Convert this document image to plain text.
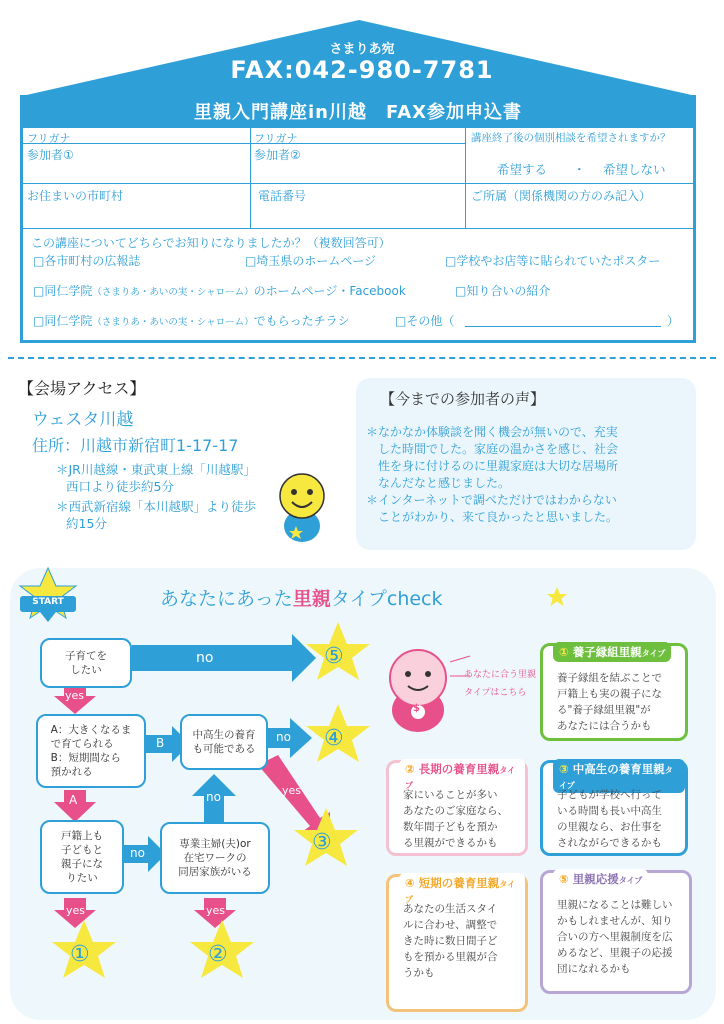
さまりあ宛
FAX:042-980-7781
里親入門講座in川越　FAX参加申込書
フリガナ
参加者①
フリガナ
参加者②
講座終了後の個別相談を希望されますか？
希望する ・ 希望しない
お住まいの市町村	電話番号	ご所属（関係機関の方のみ記入）
この講座についてどちらでお知りになりましたか？（複数回答可）
□各市町村の広報誌	□埼玉県のホームページ	□学校やお店等に貼られていたポスター
□同仁学院（さまりあ・あいの実・シャローム）のホームページ・Facebook	□知り合いの紹介
□同仁学院（さまりあ・あいの実・シャローム）でもらったチラシ	□その他（	）
【会場アクセス】
ウェスタ川越
住所：川越市新宿町1-17-17
＊JR川越線・東武東上線「川越駅」
西口より徒歩約5分
＊西武新宿線「本川越駅」より徒歩
約15分
【今までの参加者の声】
＊なかなか体験談を聞く機会が無いので、充実
　した時間でした。家庭の温かさを感じ、社会
　性を身に付けるのに里親家庭は大切な居場所
　なんだなと感じました。
＊インターネットで調べただけではわからない
　ことがわかり、来て良かったと思いました。
あなたにあった里親タイプcheck
START
子育てを
したい
A：大きくなるま
で育てられる
B：短期間なら
預かれる
中高生の養育
も可能である
戸籍上も
子どもと
親子にな
りたい
専業主婦(夫)or
在宅ワークの
同居家族がいる
no
yes
A
B	no
yes
no
no
yes	yes
⑤
④
③
①	②
あなたに合う里親
タイプはこちら
$
① 養子縁組里親タイプ
養子縁組を結ぶことで
戸籍上も実の親子にな
る"養子縁組里親"が
あなたには合うかも
② 長期の養育里親タイプ
家にいることが多い
あなたのご家庭なら、
数年間子どもを預か
る里親ができるかも
③ 中高生の養育里親タイプ
子どもが学校へ行って
いる時間も長い中高生
の里親なら、お仕事を
されながらできるかも
④ 短期の養育里親タイプ
あなたの生活スタイ
ルに合わせ、調整で
きた時に数日間子ど
もを預かる里親が合
うかも
⑤ 里親応援タイプ
里親になることは難しい
かもしれませんが、知り
合いの方へ里親制度を広
めるなど、里親子の応援
団になれるかも
